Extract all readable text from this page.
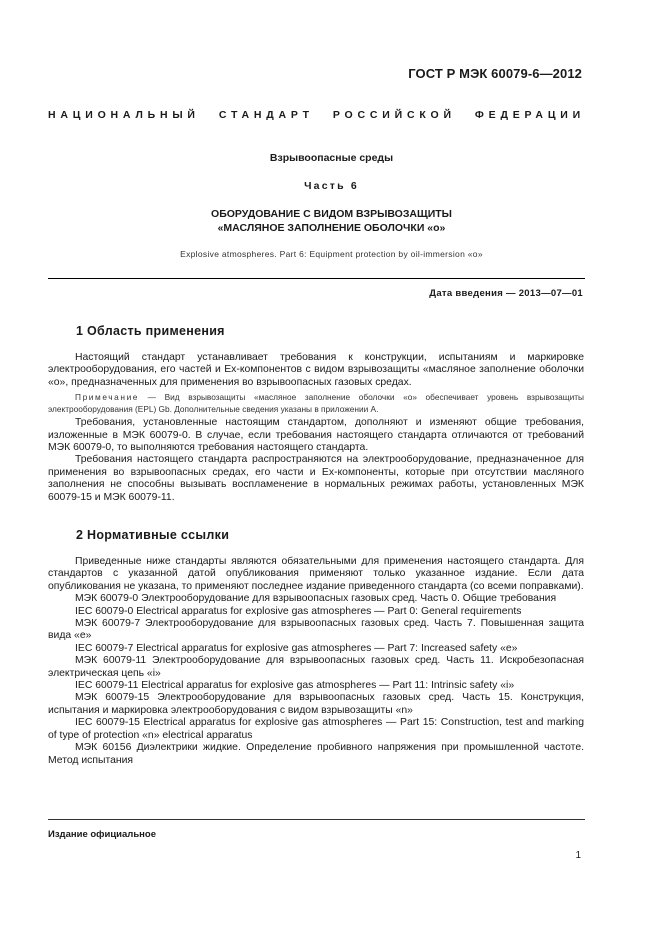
ГОСТ Р МЭК 60079-6—2012
НАЦИОНАЛЬНЫЙ СТАНДАРТ РОССИЙСКОЙ ФЕДЕРАЦИИ
Взрывоопасные среды
Часть 6
ОБОРУДОВАНИЕ С ВИДОМ ВЗРЫВОЗАЩИТЫ
«МАСЛЯНОЕ ЗАПОЛНЕНИЕ ОБОЛОЧКИ «о»
Explosive atmospheres. Part 6: Equipment protection by oil-immersion «o»
Дата введения — 2013—07—01
1 Область применения

Настоящий стандарт устанавливает требования к конструкции, испытаниям и маркировке электрооборудования, его частей и Ex-компонентов с видом взрывозащиты «масляное заполнение оболочки «о», предназначенных для применения во взрывоопасных газовых средах.

Примечание — Вид взрывозащиты «масляное заполнение оболочки «о» обеспечивает уровень взрывозащиты электрооборудования (EPL) Gb. Дополнительные сведения указаны в приложении А.

Требования, установленные настоящим стандартом, дополняют и изменяют общие требования, изложенные в МЭК 60079-0. В случае, если требования настоящего стандарта отличаются от требований МЭК 60079-0, то выполняются требования настоящего стандарта.

Требования настоящего стандарта распространяются на электрооборудование, предназначенное для применения во взрывоопасных средах, его части и Ex-компоненты, которые при отсутствии масляного заполнения не способны вызывать воспламенение в нормальных режимах работы, установленных МЭК 60079-15 и МЭК 60079-11.

2 Нормативные ссылки

Приведенные ниже стандарты являются обязательными для применения настоящего стандарта. Для стандартов с указанной датой опубликования применяют только указанное издание. Если дата опубликования не указана, то применяют последнее издание приведенного стандарта (со всеми поправками).

МЭК 60079-0 Электрооборудование для взрывоопасных газовых сред. Часть 0. Общие требования

IEC 60079-0 Electrical apparatus for explosive gas atmospheres — Part 0: General requirements

МЭК 60079-7 Электрооборудование для взрывоопасных газовых сред. Часть 7. Повышенная защита вида «е»

IEC 60079-7 Electrical apparatus for explosive gas atmospheres — Part 7: Increased safety «e»

МЭК 60079-11 Электрооборудование для взрывоопасных газовых сред. Часть 11. Искробезопасная электрическая цепь «i»

IEC 60079-11 Electrical apparatus for explosive gas atmospheres — Part 11: Intrinsic safety «i»

МЭК 60079-15 Электрооборудование для взрывоопасных газовых сред. Часть 15. Конструкция, испытания и маркировка электрооборудования с видом взрывозащиты «n»

IEC 60079-15 Electrical apparatus for explosive gas atmospheres — Part 15: Construction, test and marking of type of protection «n» electrical apparatus

МЭК 60156 Диэлектрики жидкие. Определение пробивного напряжения при промышленной частоте. Метод испытания

Издание официальное
1
